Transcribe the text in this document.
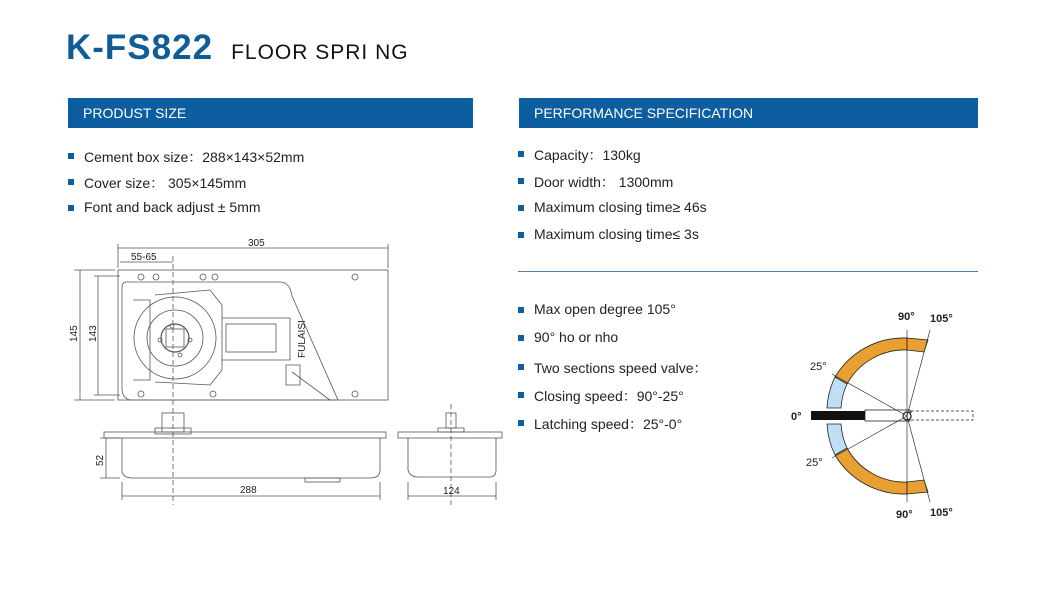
K-FS822 FLOOR SPRI NG
PRODUST SIZE	PERFORMANCE SPECIFICATION
Cement box size：288×143×52mm
Cover size： 305×145mm
Font and back adjust ± 5mm
Capacity：130kg
Door width： 1300mm
Maximum closing time≥ 46s
Maximum closing time≤ 3s
Max open degree 105°
90° ho or nho
Two sections speed valve：
Closing speed：90°-25°
Latching speed：25°-0°
305
55-65
145 143	FULAISI
52
288	124
90° 105°
25°
0°
25°
90° 105°
